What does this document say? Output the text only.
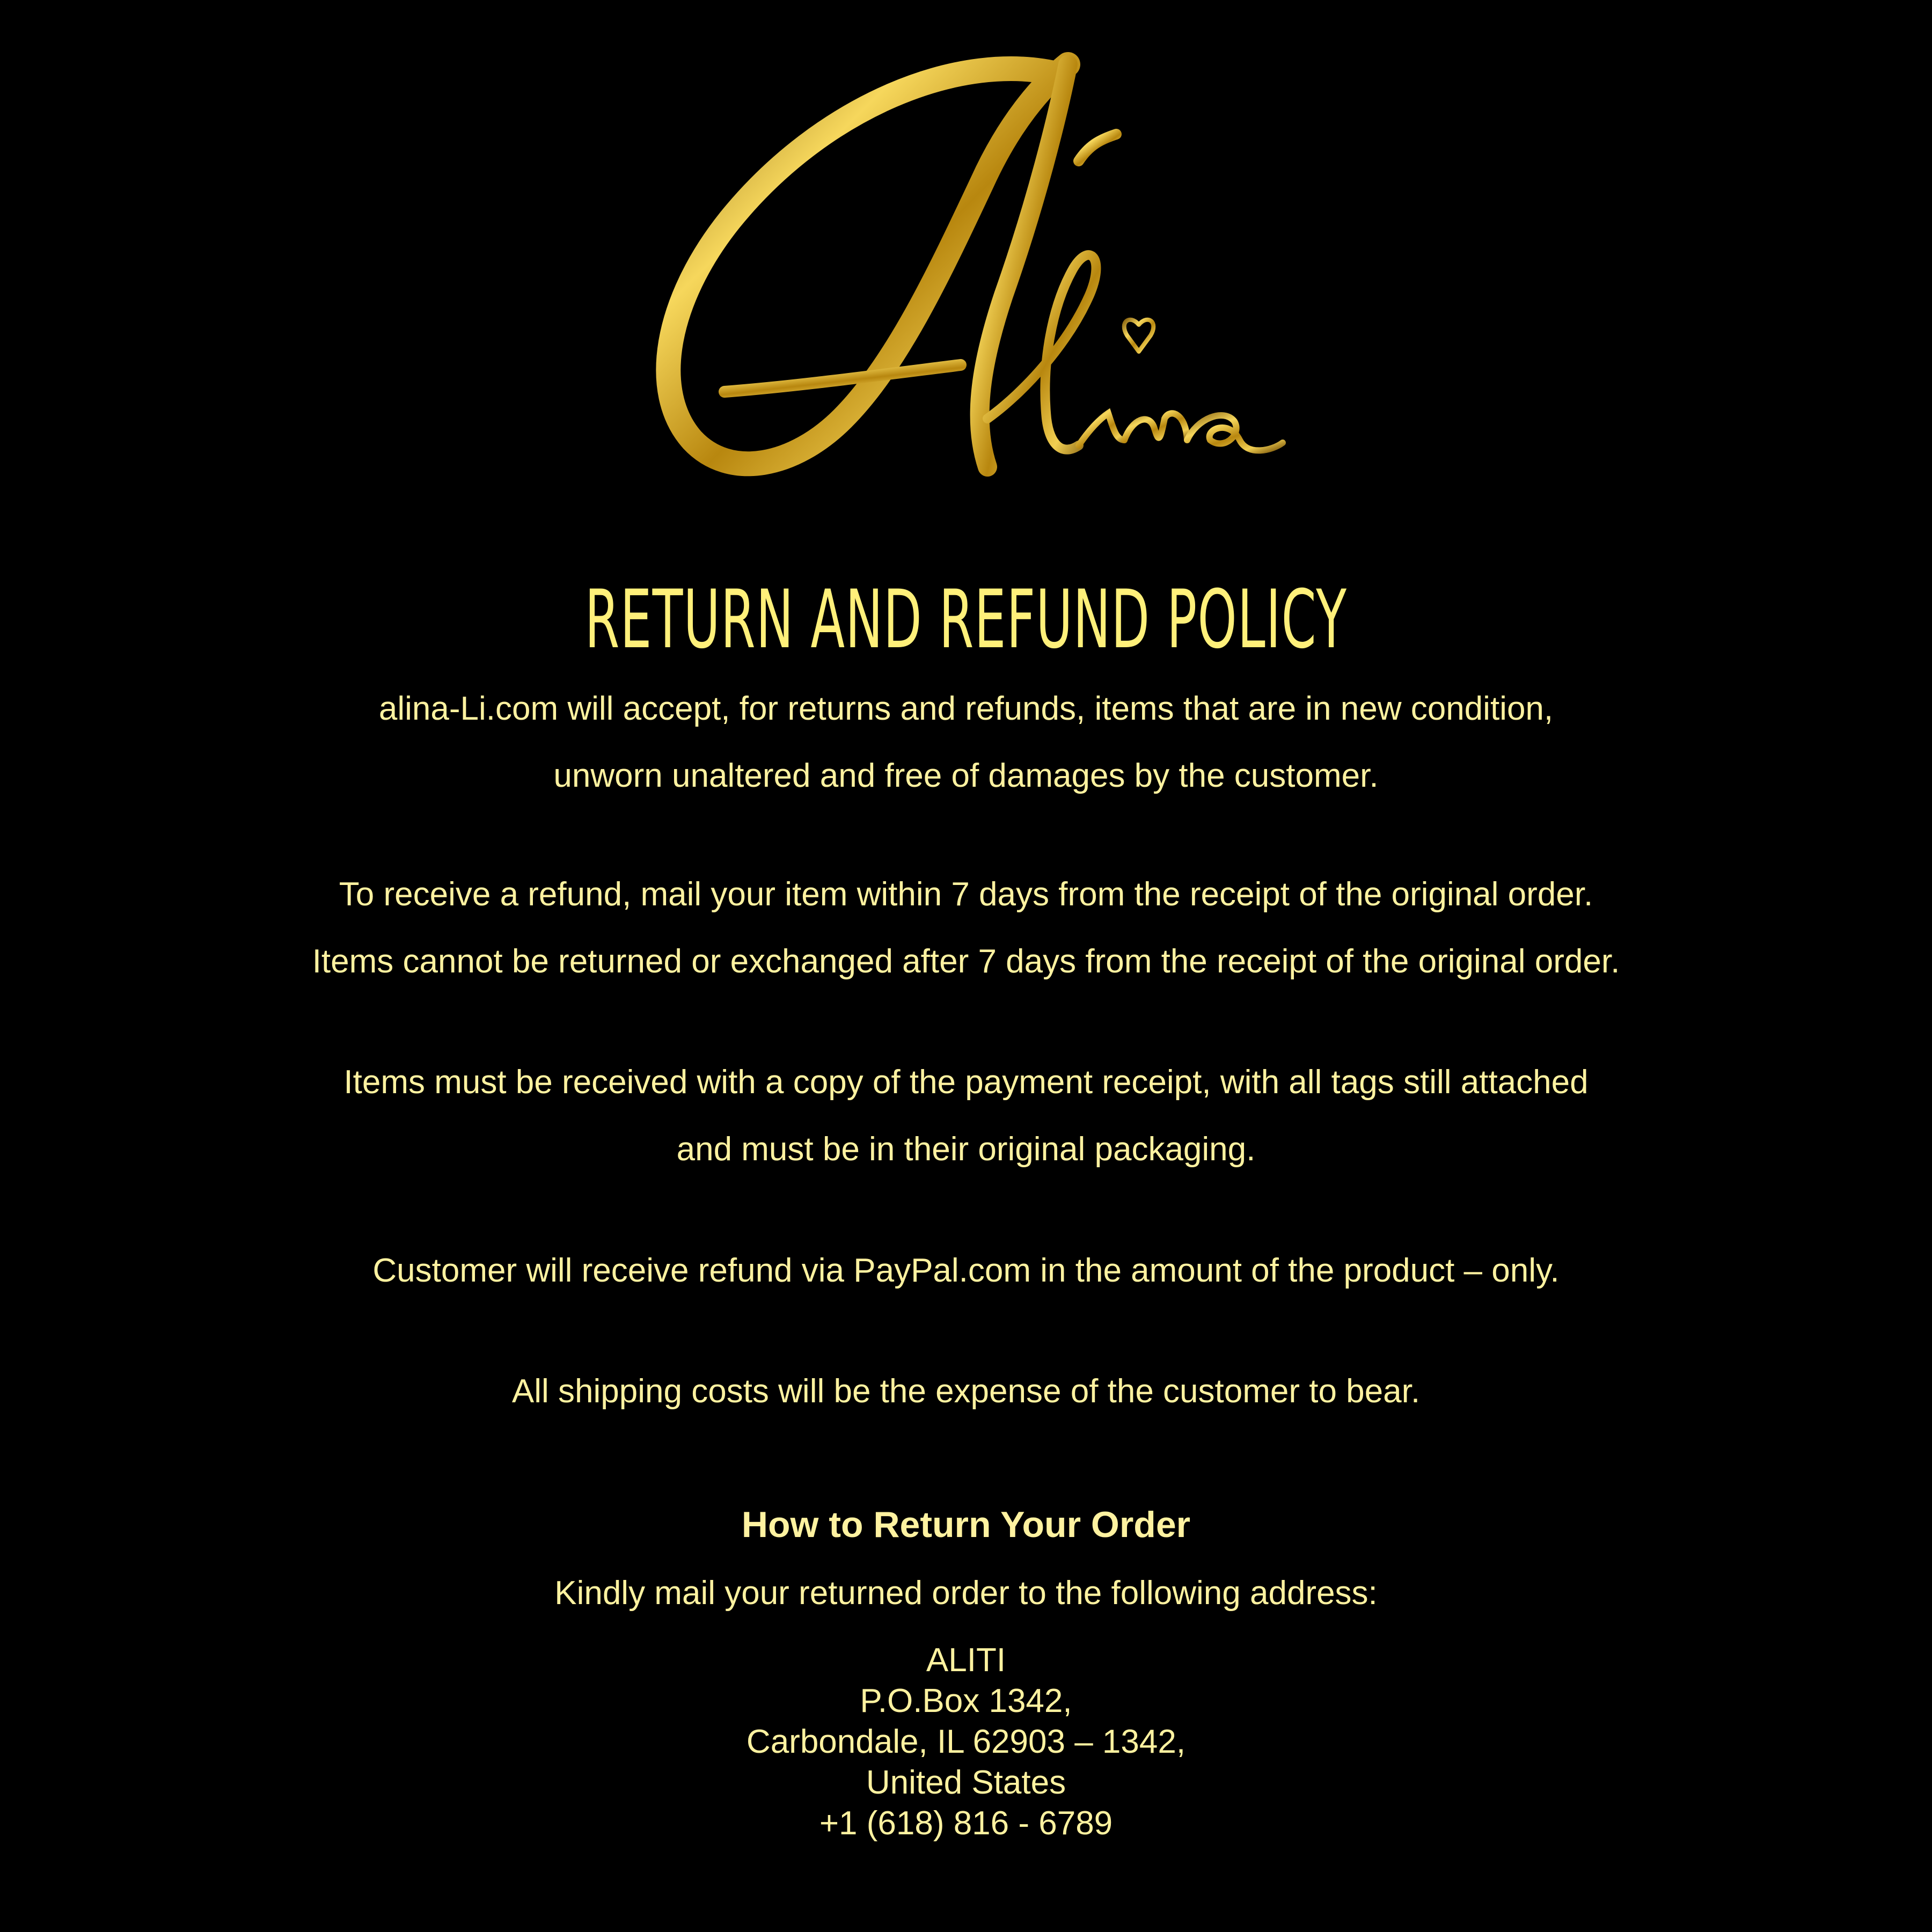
RETURN AND REFUND POLICY
alina-Li.com will accept, for returns and refunds, items that are in new condition,
unworn unaltered and free of damages by the customer.
To receive a refund, mail your item within 7 days from the receipt of the original order.
Items cannot be returned or exchanged after 7 days from the receipt of the original order.
Items must be received with a copy of the payment receipt, with all tags still attached
and must be in their original packaging.
Customer will receive refund via PayPal.com in the amount of the product – only.
All shipping costs will be the expense of the customer to bear.
How to Return Your Order
Kindly mail your returned order to the following address:
ALITI
P.O.Box 1342,
Carbondale, IL 62903 – 1342,
United States
+1 (618) 816 - 6789
